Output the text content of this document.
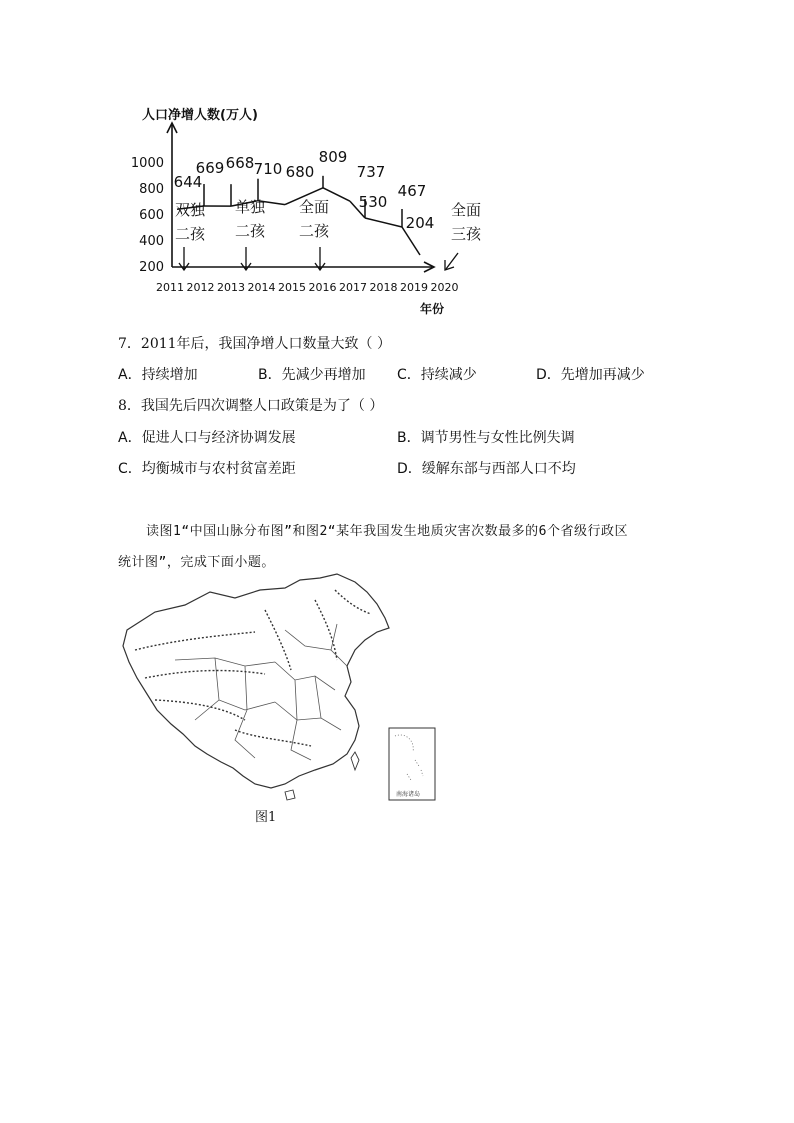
人口净增人数(万人)
年份
1000
800
600
400
200
2011 2012 2013 2014 2015 2016 2017 2018 2019 2020
644
669 668 710 680
809
737
530
467
204
双独
二孩
单独
二孩
全面
二孩
全面
三孩
7．2011年后，我国净增人口数量大致（ ）
A．持续增加	B．先减少再增加 C．持续减少	D．先增加再减少
8．我国先后四次调整人口政策是为了（ ）
A．促进人口与经济协调发展	B．调节男性与女性比例失调
C．均衡城市与农村贫富差距	D．缓解东部与西部人口不均
读图1“中国山脉分布图”和图2“某年我国发生地质灾害次数最多的6个省级行政区
统计图”，完成下面小题。
南海诸岛
图1
